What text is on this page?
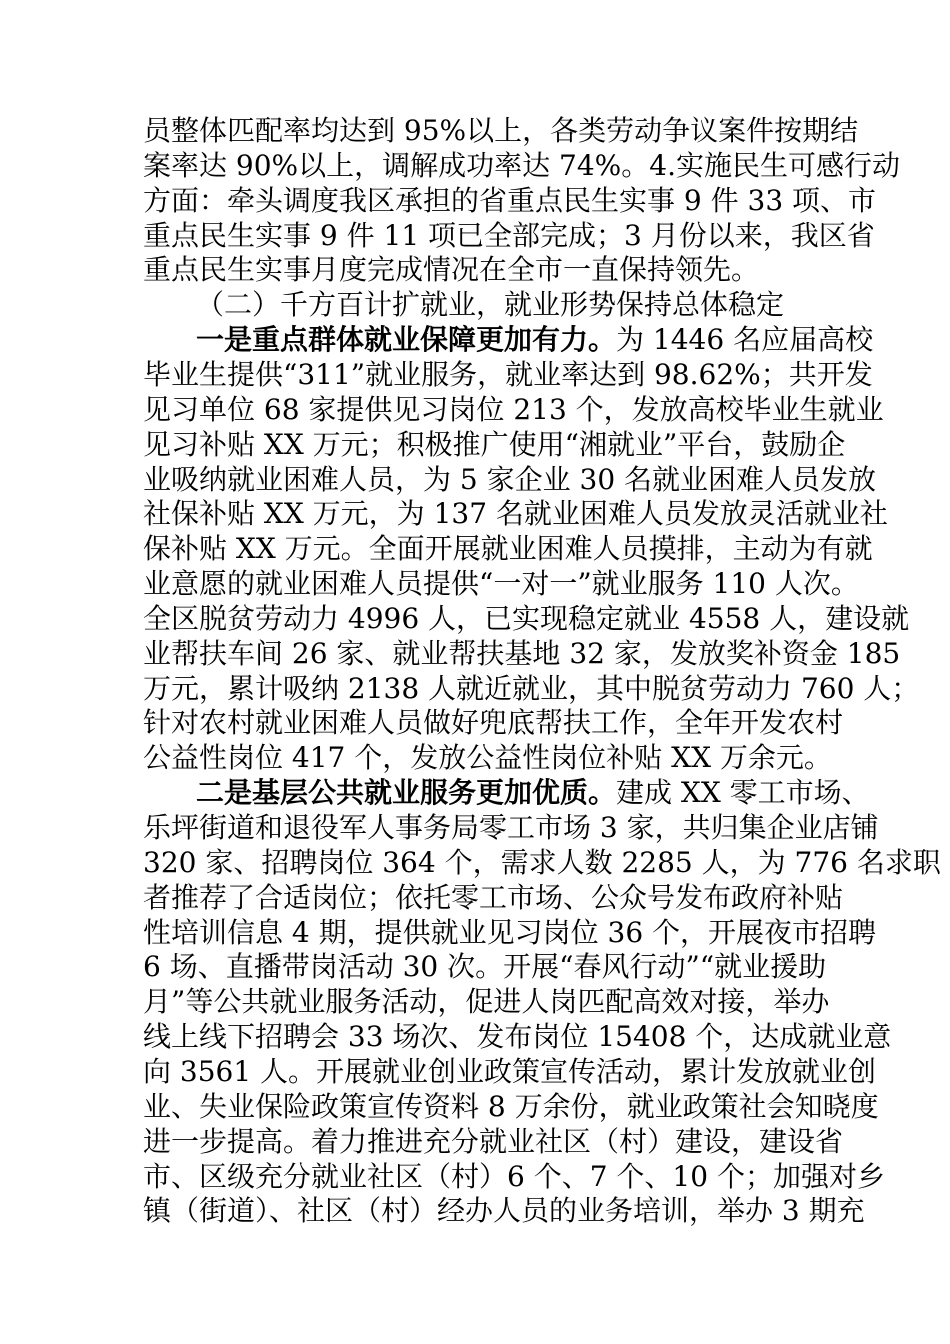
员整体匹配率均达到 95%以上，各类劳动争议案件按期结
案率达 90%以上，调解成功率达 74%。4.实施民生可感行动
方面：牵头调度我区承担的省重点民生实事 9 件 33 项、市
重点民生实事 9 件 11 项已全部完成；3 月份以来，我区省
重点民生实事月度完成情况在全市一直保持领先。
（二）千方百计扩就业，就业形势保持总体稳定
一是重点群体就业保障更加有力。为 1446 名应届高校
毕业生提供“311”就业服务，就业率达到 98.62%；共开发
见习单位 68 家提供见习岗位 213 个，发放高校毕业生就业
见习补贴 XX 万元；积极推广使用“湘就业”平台，鼓励企
业吸纳就业困难人员，为 5 家企业 30 名就业困难人员发放
社保补贴 XX 万元，为 137 名就业困难人员发放灵活就业社
保补贴 XX 万元。全面开展就业困难人员摸排，主动为有就
业意愿的就业困难人员提供“一对一”就业服务 110 人次。
全区脱贫劳动力 4996 人，已实现稳定就业 4558 人，建设就
业帮扶车间 26 家、就业帮扶基地 32 家，发放奖补资金 185
万元，累计吸纳 2138 人就近就业，其中脱贫劳动力 760 人；
针对农村就业困难人员做好兜底帮扶工作，全年开发农村
公益性岗位 417 个，发放公益性岗位补贴 XX 万余元。
二是基层公共就业服务更加优质。建成 XX 零工市场、
乐坪街道和退役军人事务局零工市场 3 家，共归集企业店铺
320 家、招聘岗位 364 个，需求人数 2285 人，为 776 名求职
者推荐了合适岗位；依托零工市场、公众号发布政府补贴
性培训信息 4 期，提供就业见习岗位 36 个，开展夜市招聘
6 场、直播带岗活动 30 次。开展“春风行动”“就业援助
月”等公共就业服务活动，促进人岗匹配高效对接，举办
线上线下招聘会 33 场次、发布岗位 15408 个，达成就业意
向 3561 人。开展就业创业政策宣传活动，累计发放就业创
业、失业保险政策宣传资料 8 万余份，就业政策社会知晓度
进一步提高。着力推进充分就业社区（村）建设，建设省
市、区级充分就业社区（村）6 个、7 个、10 个；加强对乡
镇（街道）、社区（村）经办人员的业务培训，举办 3 期充
